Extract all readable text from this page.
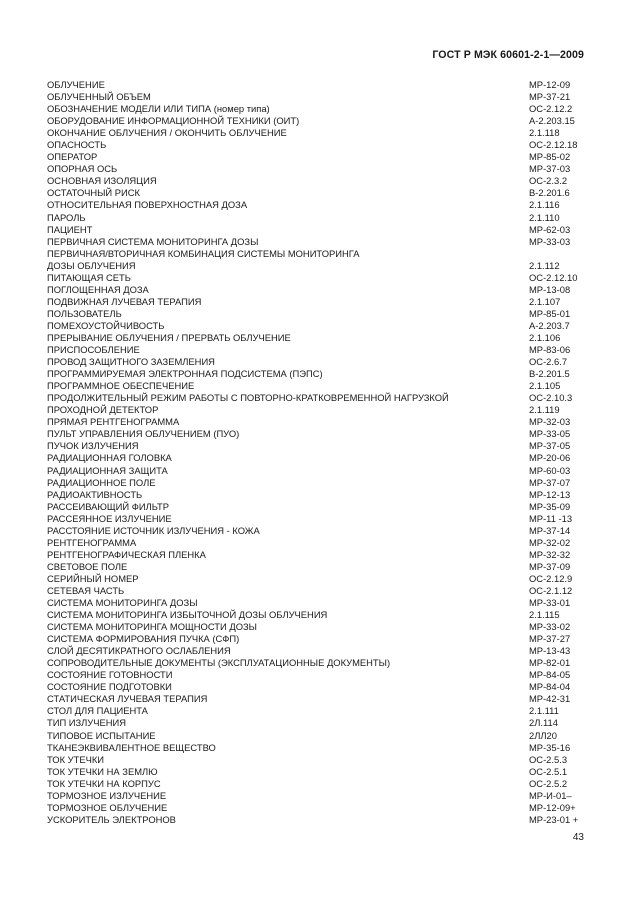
ГОСТ Р МЭК 60601-2-1—2009
ОБЛУЧЕНИЕ	МР-12-09
ОБЛУЧЕННЫЙ ОБЪЕМ	МР-37-21
ОБОЗНАЧЕНИЕ МОДЕЛИ ИЛИ ТИПА (номер типа)	ОС-2.12.2
ОБОРУДОВАНИЕ ИНФОРМАЦИОННОЙ ТЕХНИКИ (ОИТ)	А-2.203.15
ОКОНЧАНИЕ ОБЛУЧЕНИЯ / ОКОНЧИТЬ ОБЛУЧЕНИЕ	2.1.118
ОПАСНОСТЬ	ОС-2.12.18
ОПЕРАТОР	МР-85-02
ОПОРНАЯ ОСЬ	МР-37-03
ОСНОВНАЯ ИЗОЛЯЦИЯ	ОС-2.3.2
ОСТАТОЧНЫЙ РИСК	В-2.201.6
ОТНОСИТЕЛЬНАЯ ПОВЕРХНОСТНАЯ ДОЗА	2.1.116
ПАРОЛЬ	2.1.110
ПАЦИЕНТ	МР-62-03
ПЕРВИЧНАЯ СИСТЕМА МОНИТОРИНГА ДОЗЫ	МР-33-03
ПЕРВИЧНАЯ/ВТОРИЧНАЯ КОМБИНАЦИЯ СИСТЕМЫ МОНИТОРИНГА
ДОЗЫ ОБЛУЧЕНИЯ	2.1.112
ПИТАЮЩАЯ СЕТЬ	ОС-2.12.10
ПОГЛОЩЕННАЯ ДОЗА	МР-13-08
ПОДВИЖНАЯ ЛУЧЕВАЯ ТЕРАПИЯ	2.1.107
ПОЛЬЗОВАТЕЛЬ	МР-85-01
ПОМЕХОУСТОЙЧИВОСТЬ	А-2.203.7
ПРЕРЫВАНИЕ ОБЛУЧЕНИЯ / ПРЕРВАТЬ ОБЛУЧЕНИЕ	2.1.106
ПРИСПОСОБЛЕНИЕ	МР-83-06
ПРОВОД ЗАЩИТНОГО ЗАЗЕМЛЕНИЯ	ОС-2.6.7
ПРОГРАММИРУЕМАЯ ЭЛЕКТРОННАЯ ПОДСИСТЕМА (ПЭПС)	В-2.201.5
ПРОГРАММНОЕ ОБЕСПЕЧЕНИЕ	2.1.105
ПРОДОЛЖИТЕЛЬНЫЙ РЕЖИМ РАБОТЫ С ПОВТОРНО-КРАТКОВРЕМЕННОЙ НАГРУЗКОЙ	ОС-2.10.3
ПРОХОДНОЙ ДЕТЕКТОР	2.1.119
ПРЯМАЯ РЕНТГЕНОГРАММА	МР-32-03
ПУЛЬТ УПРАВЛЕНИЯ ОБЛУЧЕНИЕМ (ПУО)	МР-33-05
ПУЧОК ИЗЛУЧЕНИЯ	МР-37-05
РАДИАЦИОННАЯ ГОЛОВКА	МР-20-06
РАДИАЦИОННАЯ ЗАЩИТА	МР-60-03
РАДИАЦИОННОЕ ПОЛЕ	МР-37-07
РАДИОАКТИВНОСТЬ	МР-12-13
РАССЕИВАЮЩИЙ ФИЛЬТР	МР-35-09
РАССЕЯННОЕ ИЗЛУЧЕНИЕ	МР-11 -13
РАССТОЯНИЕ ИСТОЧНИК ИЗЛУЧЕНИЯ - КОЖА	МР-37-14
РЕНТГЕНОГРАММА	МР-32-02
РЕНТГЕНОГРАФИЧЕСКАЯ ПЛЕНКА	МР-32-32
СВЕТОВОЕ ПОЛЕ	МР-37-09
СЕРИЙНЫЙ НОМЕР	ОС-2.12.9
СЕТЕВАЯ ЧАСТЬ	ОС-2.1.12
СИСТЕМА МОНИТОРИНГА ДОЗЫ	МР-33-01
СИСТЕМА МОНИТОРИНГА ИЗБЫТОЧНОЙ ДОЗЫ ОБЛУЧЕНИЯ	2.1.115
СИСТЕМА МОНИТОРИНГА МОЩНОСТИ ДОЗЫ	МР-33-02
СИСТЕМА ФОРМИРОВАНИЯ ПУЧКА (СФП)	МР-37-27
СЛОЙ ДЕСЯТИКРАТНОГО ОСЛАБЛЕНИЯ	МР-13-43
СОПРОВОДИТЕЛЬНЫЕ ДОКУМЕНТЫ (ЭКСПЛУАТАЦИОННЫЕ ДОКУМЕНТЫ)	МР-82-01
СОСТОЯНИЕ ГОТОВНОСТИ	МР-84-05
СОСТОЯНИЕ ПОДГОТОВКИ	МР-84-04
СТАТИЧЕСКАЯ ЛУЧЕВАЯ ТЕРАПИЯ	МР-42-31
СТОЛ ДЛЯ ПАЦИЕНТА	2.1.111
ТИП ИЗЛУЧЕНИЯ	2Л.114
ТИПОВОЕ ИСПЫТАНИЕ	2ЛЛ20
ТКАНЕЭКВИВАЛЕНТНОЕ ВЕЩЕСТВО	МР-35-16
ТОК УТЕЧКИ	ОС-2.5.3
ТОК УТЕЧКИ НА ЗЕМЛЮ	ОС-2.5.1
ТОК УТЕЧКИ НА КОРПУС	ОС-2.5.2
ТОРМОЗНОЕ ИЗЛУЧЕНИЕ	МР-И-01–
ТОРМОЗНОЕ ОБЛУЧЕНИЕ	МР-12-09+
УСКОРИТЕЛЬ ЭЛЕКТРОНОВ	МР-23-01 +
43
